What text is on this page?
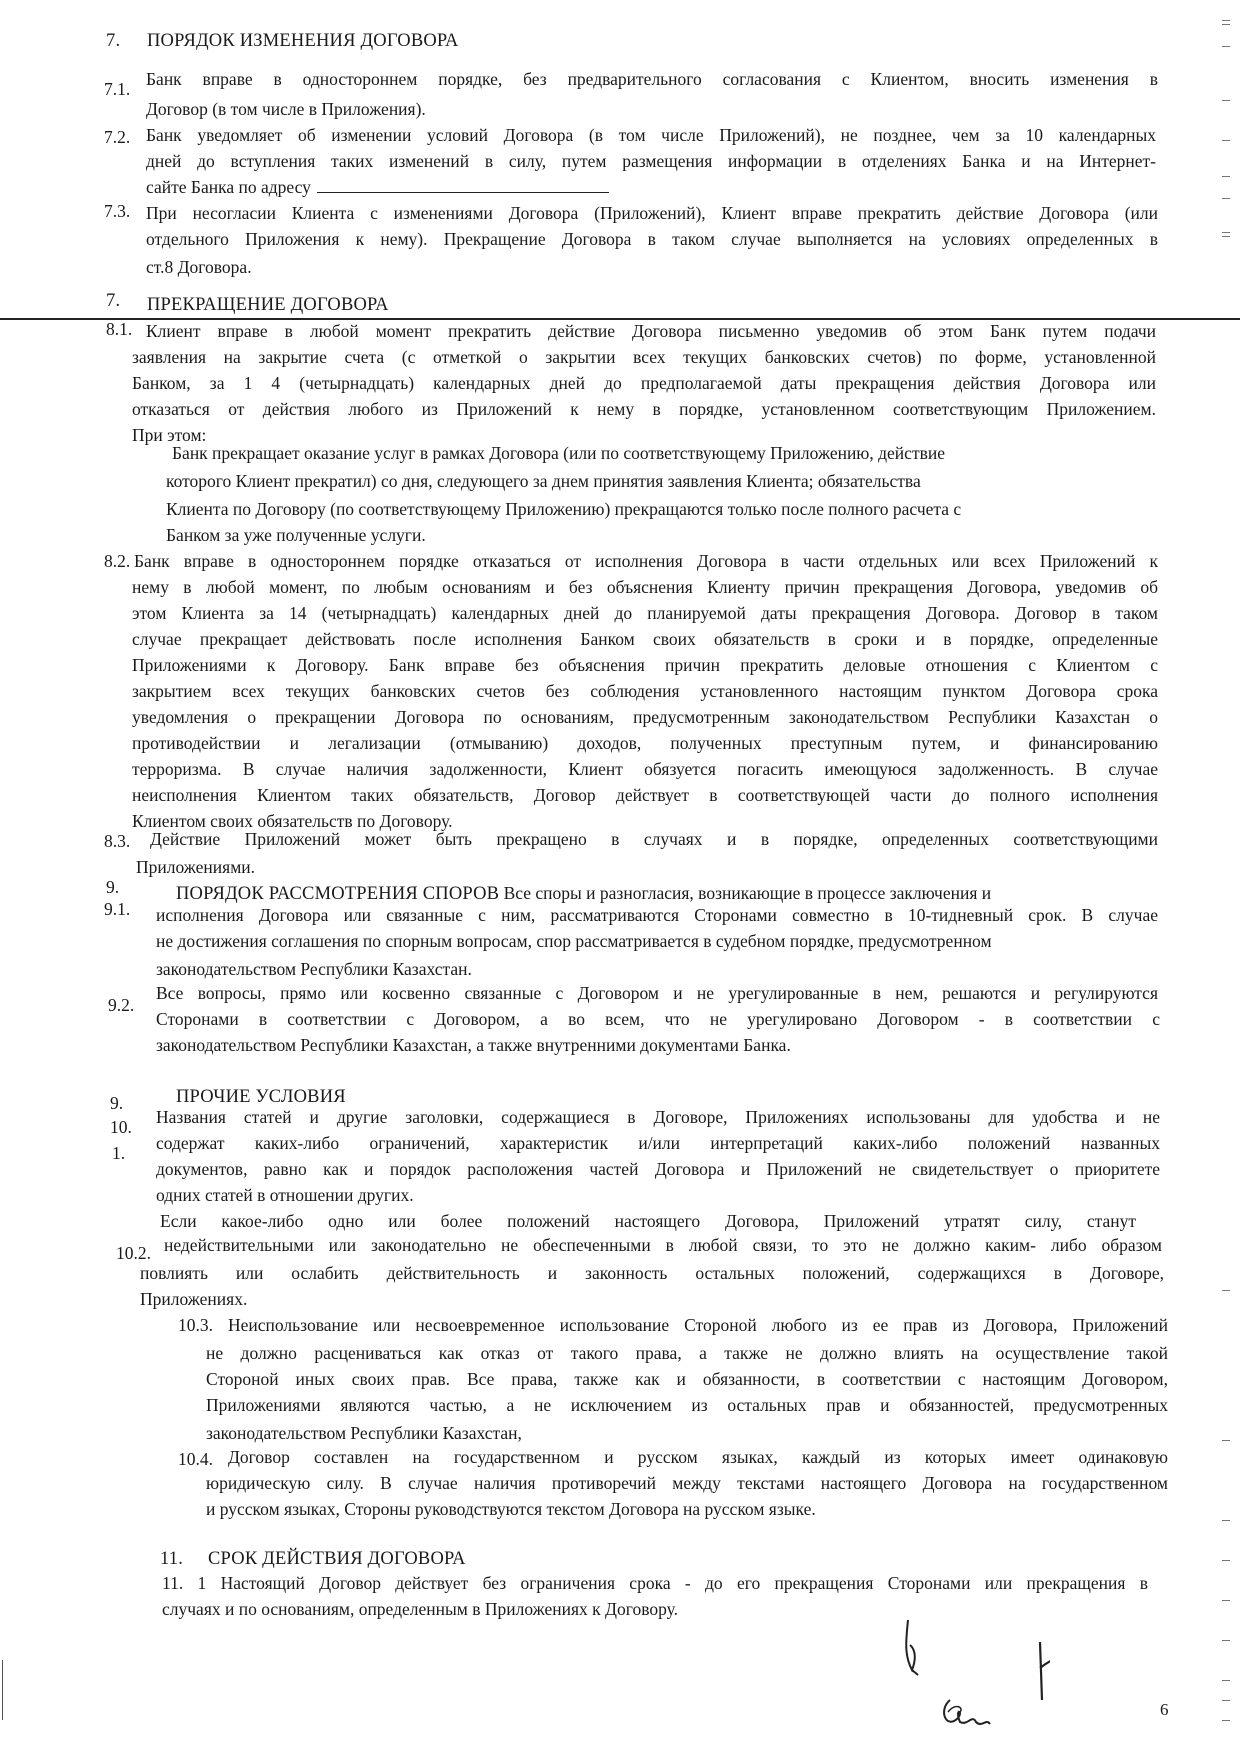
7. ПОРЯДОК ИЗМЕНЕНИЯ ДОГОВОРА
7.1. Банк вправе в одностороннем порядке, без предварительного согласования с Клиентом, вносить изменения в
Договор (в том числе в Приложения).
7.2. Банк уведомляет об изменении условий Договора (в том числе Приложений), не позднее, чем за 10 календарных
дней до вступления таких изменений в силу, путем размещения информации в отделениях Банка и на Интернет-
сайте Банка по адресу
7.3. При несогласии Клиента с изменениями Договора (Приложений), Клиент вправе прекратить действие Договора (или
отдельного Приложения к нему). Прекращение Договора в таком случае выполняется на условиях определенных в
ст.8 Договора.
7. ПРЕКРАЩЕНИЕ ДОГОВОРА
8.1. Клиент вправе в любой момент прекратить действие Договора письменно уведомив об этом Банк путем подачи
заявления на закрытие счета (с отметкой о закрытии всех текущих банковских счетов) по форме, установленной
Банком, за 1 4 (четырнадцать) календарных дней до предполагаемой даты прекращения действия Договора или
отказаться от действия любого из Приложений к нему в порядке, установленном соответствующим Приложением.
При этом:
Банк прекращает оказание услуг в рамках Договора (или по соответствующему Приложению, действие
которого Клиент прекратил) со дня, следующего за днем принятия заявления Клиента; обязательства
Клиента по Договору (по соответствующему Приложению) прекращаются только после полного расчета с
Банком за уже полученные услуги.
8.2. Банк вправе в одностороннем порядке отказаться от исполнения Договора в части отдельных или всех Приложений к
нему в любой момент, по любым основаниям и без объяснения Клиенту причин прекращения Договора, уведомив об
этом Клиента за 14 (четырнадцать) календарных дней до планируемой даты прекращения Договора. Договор в таком
случае прекращает действовать после исполнения Банком своих обязательств в сроки и в порядке, определенные
Приложениями к Договору. Банк вправе без объяснения причин прекратить деловые отношения с Клиентом с
закрытием всех текущих банковских счетов без соблюдения установленного настоящим пунктом Договора срока
уведомления о прекращении Договора по основаниям, предусмотренным законодательством Республики Казахстан о
противодействии и легализации (отмыванию) доходов, полученных преступным путем, и финансированию
терроризма. В случае наличия задолженности, Клиент обязуется погасить имеющуюся задолженность. В случае
неисполнения Клиентом таких обязательств, Договор действует в соответствующей части до полного исполнения
Клиентом своих обязательств по Договору.
8.3. Действие Приложений может быть прекращено в случаях и в порядке, определенных соответствующими
Приложениями.
9.
9.1.
ПОРЯДОК РАССМОТРЕНИЯ СПОРОВ Все споры и разногласия, возникающие в процессе заключения и
исполнения Договора или связанные с ним, рассматриваются Сторонами совместно в 10-тидневный срок. В случае
не достижения соглашения по спорным вопросам, спор рассматривается в судебном порядке, предусмотренном
законодательством Республики Казахстан.
9.2.
Все вопросы, прямо или косвенно связанные с Договором и не урегулированные в нем, решаются и регулируются
Сторонами в соответствии с Договором, а во всем, что не урегулировано Договором - в соответствии с
законодательством Республики Казахстан, а также внутренними документами Банка.
9.	ПРОЧИЕ УСЛОВИЯ
10.
1.
Названия статей и другие заголовки, содержащиеся в Договоре, Приложениях использованы для удобства и не
содержат каких-либо ограничений, характеристик и/или интерпретаций каких-либо положений названных
документов, равно как и порядок расположения частей Договора и Приложений не свидетельствует о приоритете
одних статей в отношении других.
Если какое-либо одно или более положений настоящего Договора, Приложений утратят силу, станут
10.2. недействительными или законодательно не обеспеченными в любой связи, то это не должно каким- либо образом
повлиять или ослабить действительность и законность остальных положений, содержащихся в Договоре,
Приложениях.
10.3. Неиспользование или несвоевременное использование Стороной любого из ее прав из Договора, Приложений
не должно расцениваться как отказ от такого права, а также не должно влиять на осуществление такой
Стороной иных своих прав. Все права, также как и обязанности, в соответствии с настоящим Договором,
Приложениями являются частью, а не исключением из остальных прав и обязанностей, предусмотренных
законодательством Республики Казахстан,
10.4. Договор составлен на государственном и русском языках, каждый из которых имеет одинаковую
юридическую силу. В случае наличия противоречий между текстами настоящего Договора на государственном
и русском языках, Стороны руководствуются текстом Договора на русском языке.
11. СРОК ДЕЙСТВИЯ ДОГОВОРА
11. 1 Настоящий Договор действует без ограничения срока - до его прекращения Сторонами или прекращения в
случаях и по основаниям, определенным в Приложениях к Договору.
6
